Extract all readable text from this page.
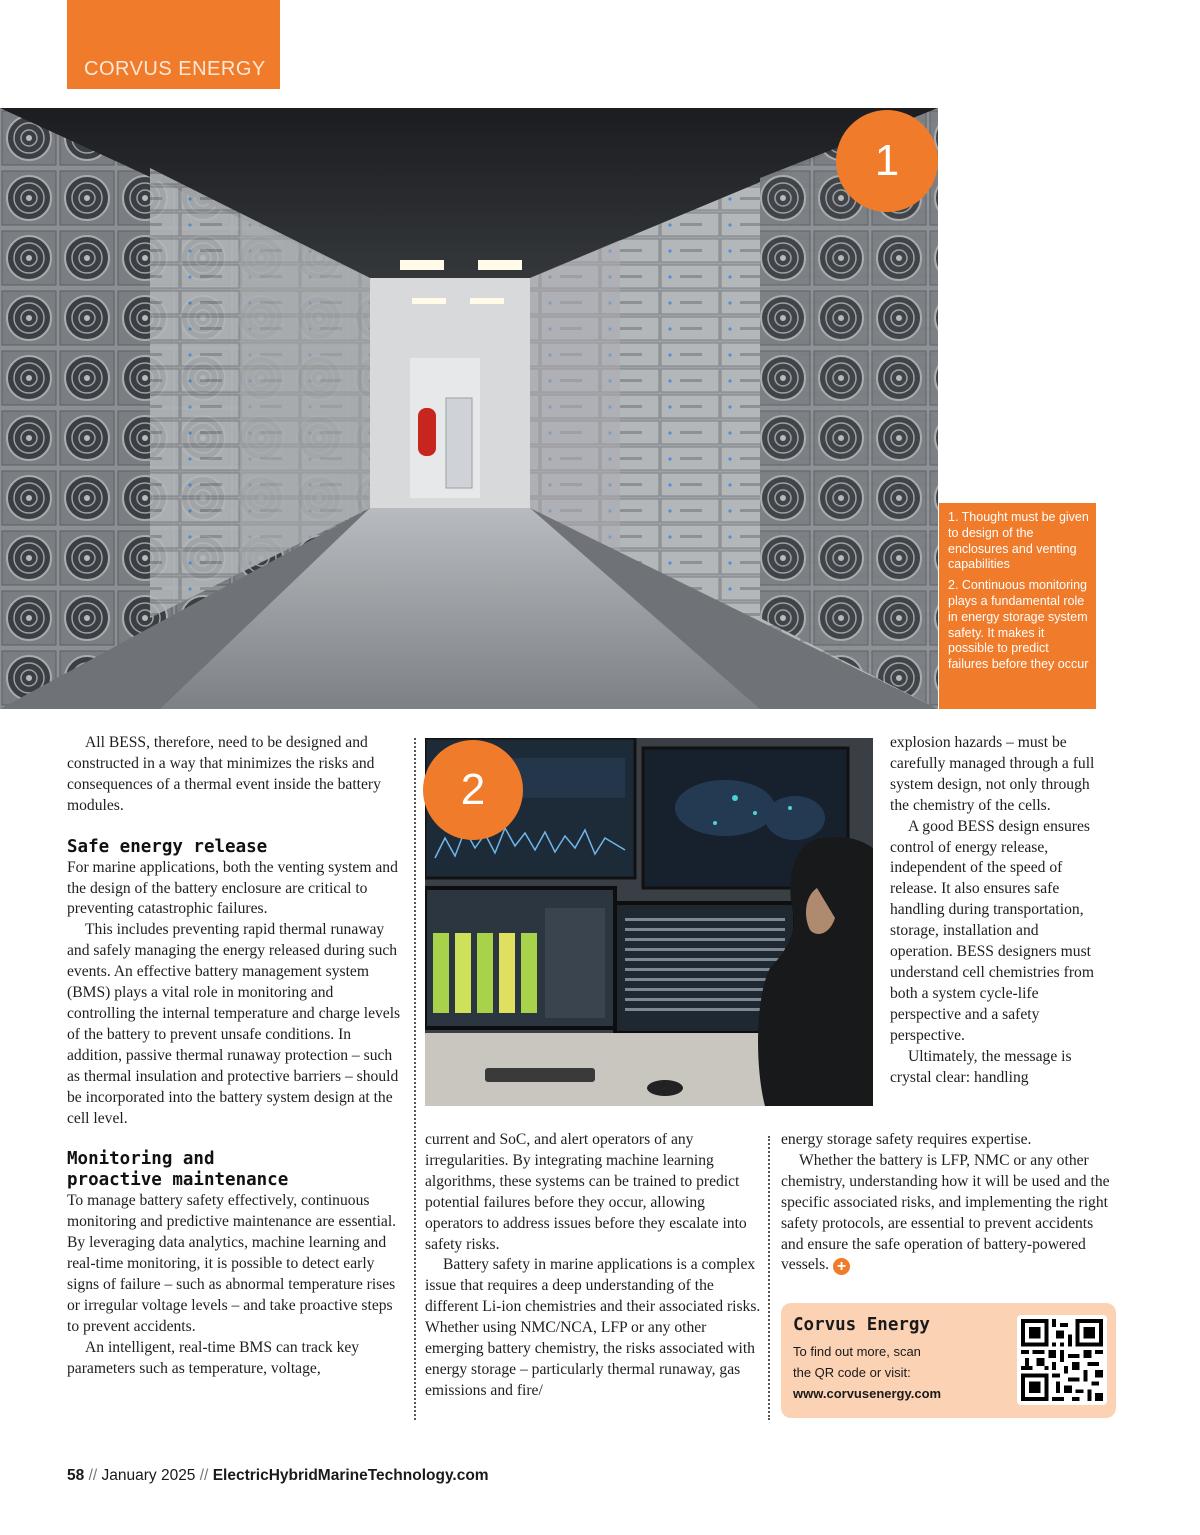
CORVUS ENERGY
1

1. Thought must be given to design of the enclosures and venting capabilities

2. Continuous monitoring plays a fundamental role in energy storage system safety. It makes it possible to predict failures before they occur

All BESS, therefore, need to be designed and constructed in a way that minimizes the risks and consequences of a thermal event inside the battery modules.

Safe energy release

For marine applications, both the venting system and the design of the battery enclosure are critical to preventing catastrophic failures.

This includes preventing rapid thermal runaway and safely managing the energy released during such events. An effective battery management system (BMS) plays a vital role in monitoring and controlling the internal temperature and charge levels of the battery to prevent unsafe conditions. In addition, passive thermal runaway protection – such as thermal insulation and protective barriers – should be incorporated into the battery system design at the cell level.

Monitoring and
proactive maintenance

To manage battery safety effectively, continuous monitoring and predictive maintenance are essential. By leveraging data analytics, machine learning and real-time monitoring, it is possible to detect early signs of failure – such as abnormal temperature rises or irregular voltage levels – and take proactive steps to prevent accidents.

An intelligent, real-time BMS can track key parameters such as temperature, voltage,

2

current and SoC, and alert operators of any irregularities. By integrating machine learning algorithms, these systems can be trained to predict potential failures before they occur, allowing operators to address issues before they escalate into safety risks.

Battery safety in marine applications is a complex issue that requires a deep understanding of the different Li-ion chemistries and their associated risks. Whether using NMC/NCA, LFP or any other emerging battery chemistry, the risks associated with energy storage – particularly thermal runaway, gas emissions and fire/

explosion hazards – must be carefully managed through a full system design, not only through the chemistry of the cells.

A good BESS design ensures control of energy release, independent of the speed of release. It also ensures safe handling during transportation, storage, installation and operation. BESS designers must understand cell chemistries from both a system cycle-life perspective and a safety perspective.

Ultimately, the message is crystal clear: handling

energy storage safety requires expertise.

Whether the battery is LFP, NMC or any other chemistry, understanding how it will be used and the specific associated risks, and implementing the right safety protocols, are essential to prevent accidents and ensure the safe operation of battery-powered vessels. +

Corvus Energy
To find out more, scan
the QR code or visit:
www.corvusenergy.com
58 // January 2025 // ElectricHybridMarineTechnology.com
